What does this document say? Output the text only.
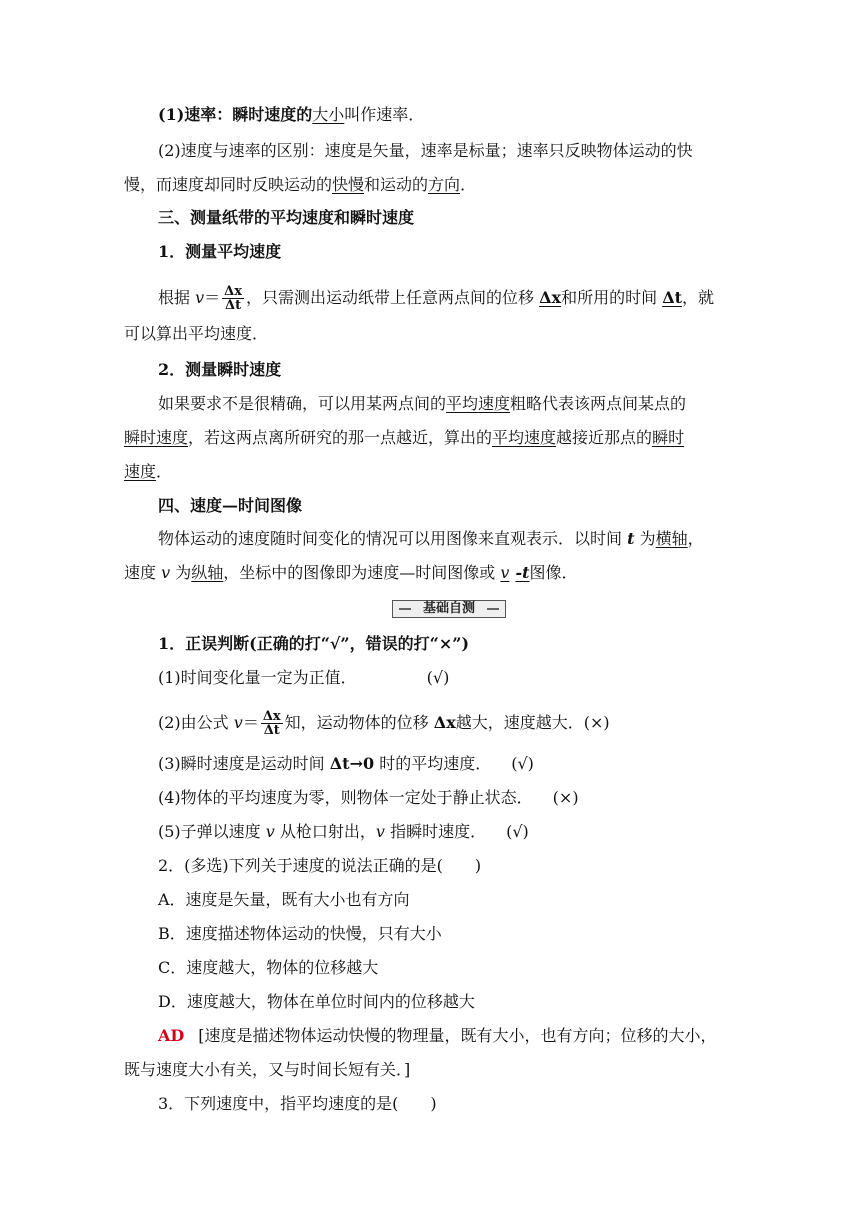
(1)速率：瞬时速度的大小叫作速率．
(2)速度与速率的区别：速度是矢量，速率是标量；速率只反映物体运动的快
慢，而速度却同时反映运动的快慢和运动的方向．
三、测量纸带的平均速度和瞬时速度
1．测量平均速度
根据 $v= \frac{\Delta x}{\Delta t}$ ，只需测出运动纸带上任意两点间的位移 Δx和所用的时间 Δt，就
可以算出平均速度．
2．测量瞬时速度
如果要求不是很精确，可以用某两点间的平均速度粗略代表该两点间某点的
瞬时速度，若这两点离所研究的那一点越近，算出的平均速度越接近那点的瞬时
速度．
四、速度—时间图像
物体运动的速度随时间变化的情况可以用图像来直观表示．以时间 t 为横轴，
速度 v 为纵轴，坐标中的图像即为速度—时间图像或 v -t图像．
基础自测
1．正误判断(正确的打“√”，错误的打“×”)
(1)时间变化量一定为正值．	(√)
(2)由公式 $v= \frac{\Delta x}{\Delta t}$ 知，运动物体的位移 Δx越大，速度越大．(×)
(3)瞬时速度是运动时间 Δt→0 时的平均速度． (√)
(4)物体的平均速度为零，则物体一定处于静止状态． (×)
(5)子弹以速度 v 从枪口射出，v 指瞬时速度． (√)
2．(多选)下列关于速度的说法正确的是(　　)
A．速度是矢量，既有大小也有方向
B．速度描述物体运动的快慢，只有大小
C．速度越大，物体的位移越大
D．速度越大，物体在单位时间内的位移越大
AD [速度是描述物体运动快慢的物理量，既有大小，也有方向；位移的大小，
既与速度大小有关，又与时间长短有关．]
3．下列速度中，指平均速度的是(　　)
